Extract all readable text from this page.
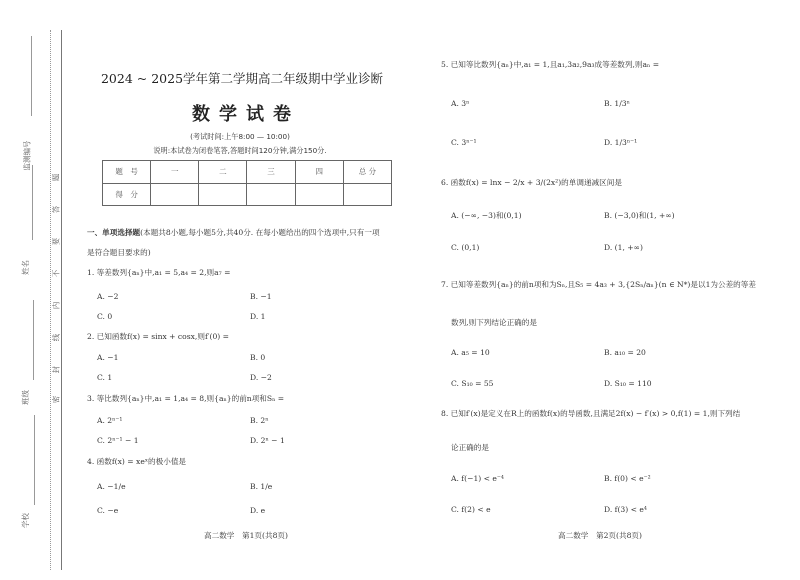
监测编号
姓名
班级
学校
题
答
要
不
内
线
封
密
2024 ~ 2025学年第二学期高二年级期中学业诊断
数学试卷
(考试时间:上午8:00 — 10:00)
说明:本试卷为闭卷笔答,答题时间120分钟,满分150分.
题　号	一	二	三	四	总 分
得　分					
一、单项选择题(本题共8小题,每小题5分,共40分. 在每小题给出的四个选项中,只有一项
是符合题目要求的)
1. 等差数列{aₙ}中,a₁ = 5,a₄ = 2,则a₇ =
A. −2	B. −1
C. 0	D. 1
2. 已知函数f(x) = sinx + cosx,则f′(0) =
A. −1	B. 0
C. 1	D. −2
3. 等比数列{aₙ}中,a₁ = 1,a₄ = 8,则{aₙ}的前n项和Sₙ =
A. 2ⁿ⁻¹	B. 2ⁿ
C. 2ⁿ⁻¹ − 1	D. 2ⁿ − 1
4. 函数f(x) = xeˣ的极小值是
A. −1/e	B. 1/e
C. −e	D. e
高二数学　第1页(共8页)
5. 已知等比数列{aₙ}中,a₁ = 1,且a₁,3a₂,9a₃成等差数列,则aₙ =
A. 3ⁿ	B. 1/3ⁿ
C. 3ⁿ⁻¹	D. 1/3ⁿ⁻¹
6. 函数f(x) = lnx − 2/x + 3/(2x²)的单调递减区间是
A. (−∞, −3)和(0,1)	B. (−3,0)和(1, +∞)
C. (0,1)	D. (1, +∞)
7. 已知等差数列{aₙ}的前n项和为Sₙ,且S₅ = 4a₃ + 3,{2Sₙ/aₙ}(n ∈ N*)是以1为公差的等差
数列,则下列结论正确的是
A. a₅ = 10	B. a₁₀ = 20
C. S₁₀ = 55	D. S₁₀ = 110
8. 已知f′(x)是定义在R上的函数f(x)的导函数,且满足2f(x) − f′(x) > 0,f(1) = 1,则下列结
论正确的是
A. f(−1) < e⁻⁴	B. f(0) < e⁻²
C. f(2) < e	D. f(3) < e⁴
高二数学　第2页(共8页)
